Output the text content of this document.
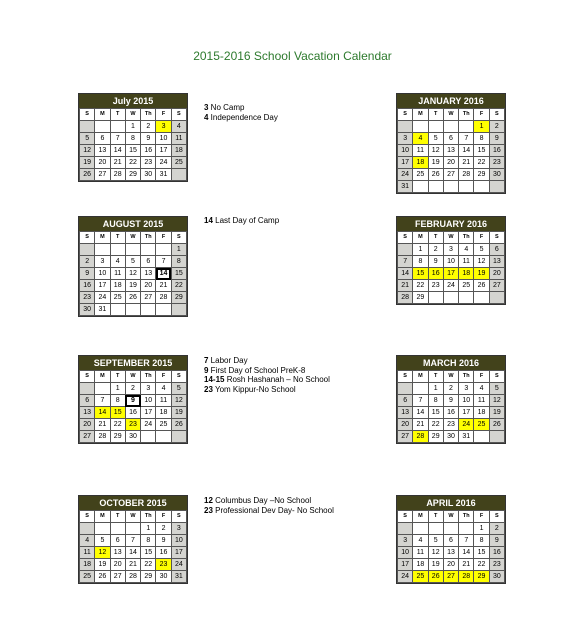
2015-2016 School Vacation Calendar
July 2015
S	M	T	W	Th	F	S
			1	2	3	4
5	6	7	8	9	10	11
12	13	14	15	16	17	18
19	20	21	22	23	24	25
26	27	28	29	30	31	
AUGUST 2015
S	M	T	W	Th	F	S
						1
2	3	4	5	6	7	8
9	10	11	12	13	14	15
16	17	18	19	20	21	22
23	24	25	26	27	28	29
30	31					
SEPTEMBER 2015
S	M	T	W	Th	F	S
		1	2	3	4	5
6	7	8	9	10	11	12
13	14	15	16	17	18	19
20	21	22	23	24	25	26
27	28	29	30			
OCTOBER 2015
S	M	T	W	Th	F	S
				1	2	3
4	5	6	7	8	9	10
11	12	13	14	15	16	17
18	19	20	21	22	23	24
25	26	27	28	29	30	31
JANUARY 2016
S	M	T	W	Th	F	S
					1	2
3	4	5	6	7	8	9
10	11	12	13	14	15	16
17	18	19	20	21	22	23
24	25	26	27	28	29	30
31						
FEBRUARY 2016
S	M	T	W	Th	F	S
	1	2	3	4	5	6
7	8	9	10	11	12	13
14	15	16	17	18	19	20
21	22	23	24	25	26	27
28	29					
MARCH 2016
S	M	T	W	Th	F	S
		1	2	3	4	5
6	7	8	9	10	11	12
13	14	15	16	17	18	19
20	21	22	23	24	25	26
27	28	29	30	31		
APRIL 2016
S	M	T	W	Th	F	S
					1	2
3	4	5	6	7	8	9
10	11	12	13	14	15	16
17	18	19	20	21	22	23
24	25	26	27	28	29	30
3 No Camp
4 Independence Day
14 Last Day of Camp
7 Labor Day
9 First Day of School PreK-8
14-15 Rosh Hashanah – No School
23 Yom Kippur-No School
12 Columbus Day –No School
23 Professional Dev Day- No School
